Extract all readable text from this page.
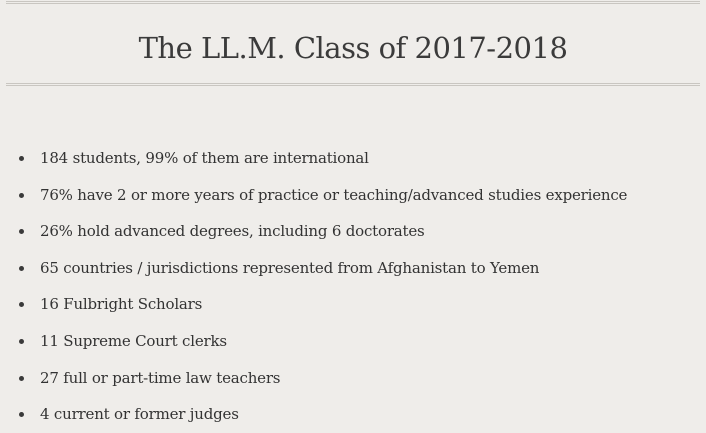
The LL.M. Class of 2017-2018
184 students, 99% of them are international
76% have 2 or more years of practice or teaching/advanced studies experience
26% hold advanced degrees, including 6 doctorates
65 countries / jurisdictions represented from Afghanistan to Yemen
16 Fulbright Scholars
11 Supreme Court clerks
27 full or part-time law teachers
4 current or former judges
